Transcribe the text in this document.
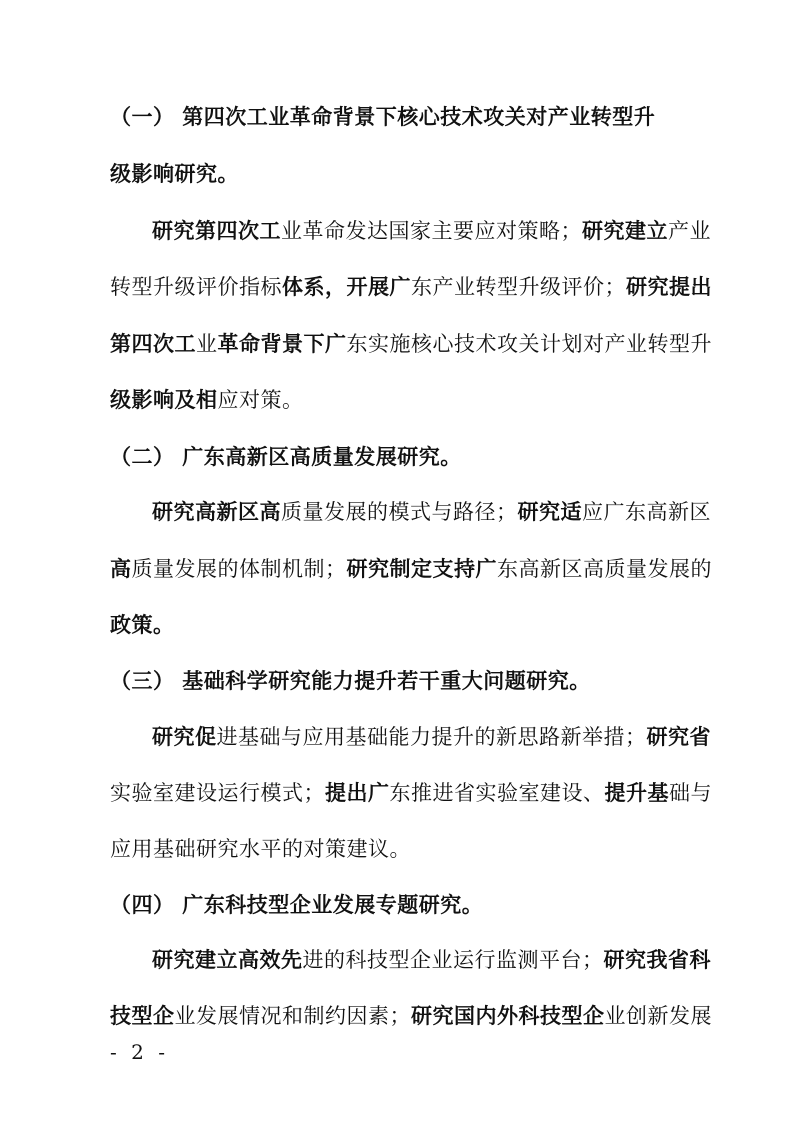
（一） 第四次工业革命背景下核心技术攻关对产业转型升
级影响研究。
研究第四次工业革命发达国家主要应对策略；研究建立产业
转型升级评价指标体系，开展广东产业转型升级评价；研究提出
第四次工业革命背景下广东实施核心技术攻关计划对产业转型升
级影响及相应对策。
（二） 广东高新区高质量发展研究。
研究高新区高质量发展的模式与路径；研究适应广东高新区
高质量发展的体制机制；研究制定支持广东高新区高质量发展的
政策。
（三） 基础科学研究能力提升若干重大问题研究。
研究促进基础与应用基础能力提升的新思路新举措；研究省
实验室建设运行模式；提出广东推进省实验室建设、提升基础与
应用基础研究水平的对策建议。
（四） 广东科技型企业发展专题研究。
研究建立高效先进的科技型企业运行监测平台；研究我省科
技型企业发展情况和制约因素；研究国内外科技型企业创新发展
- 2 -
